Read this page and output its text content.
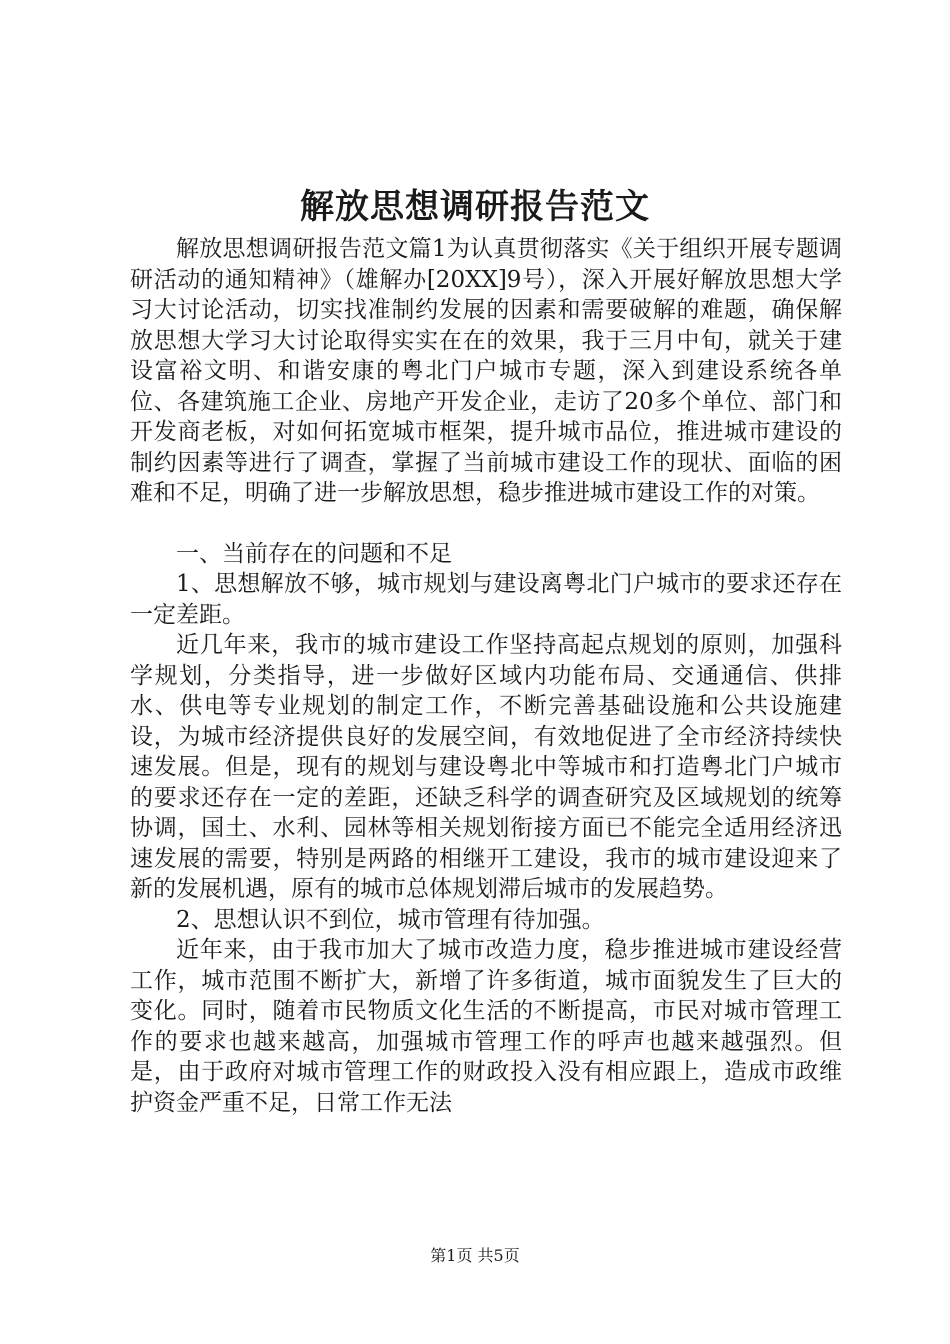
解放思想调研报告范文

解放思想调研报告范文篇1为认真贯彻落实《关于组织开展专题调研活动的通知精神》（雄解办[20XX]9号），深入开展好解放思想大学习大讨论活动，切实找准制约发展的因素和需要破解的难题，确保解放思想大学习大讨论取得实实在在的效果，我于三月中旬，就关于建设富裕文明、和谐安康的粤北门户城市专题，深入到建设系统各单位、各建筑施工企业、房地产开发企业，走访了20多个单位、部门和开发商老板，对如何拓宽城市框架，提升城市品位，推进城市建设的制约因素等进行了调查，掌握了当前城市建设工作的现状、面临的困难和不足，明确了进一步解放思想，稳步推进城市建设工作的对策。

一、当前存在的问题和不足

1、思想解放不够，城市规划与建设离粤北门户城市的要求还存在一定差距。

近几年来，我市的城市建设工作坚持高起点规划的原则，加强科学规划，分类指导，进一步做好区域内功能布局、交通通信、供排水、供电等专业规划的制定工作，不断完善基础设施和公共设施建设，为城市经济提供良好的发展空间，有效地促进了全市经济持续快速发展。但是，现有的规划与建设粤北中等城市和打造粤北门户城市的要求还存在一定的差距，还缺乏科学的调查研究及区域规划的统筹协调，国土、水利、园林等相关规划衔接方面已不能完全适用经济迅速发展的需要，特别是两路的相继开工建设，我市的城市建设迎来了新的发展机遇，原有的城市总体规划滞后城市的发展趋势。

2、思想认识不到位，城市管理有待加强。

近年来，由于我市加大了城市改造力度，稳步推进城市建设经营工作，城市范围不断扩大，新增了许多街道，城市面貌发生了巨大的变化。同时，随着市民物质文化生活的不断提高，市民对城市管理工作的要求也越来越高，加强城市管理工作的呼声也越来越强烈。但是，由于政府对城市管理工作的财政投入没有相应跟上，造成市政维护资金严重不足，日常工作无法

第1页 共5页
